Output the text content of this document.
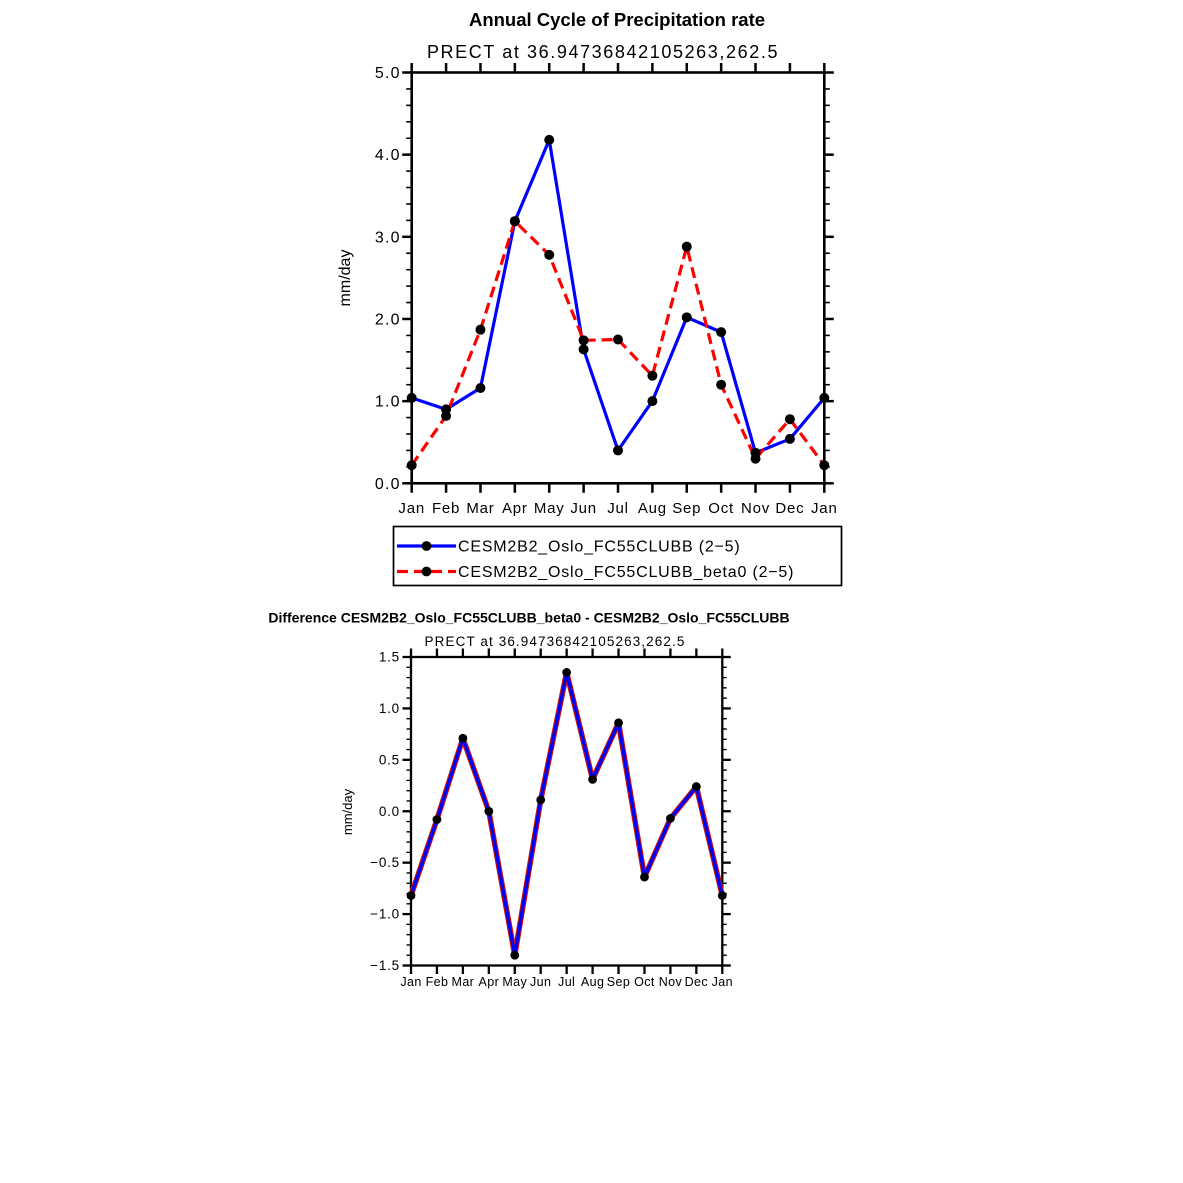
Annual Cycle of Precipitation rate
PRECT at 36.94736842105263,262.5
mm/day
0.0
1.0
2.0
3.0
4.0
5.0
Jan Feb Mar Apr May Jun Jul Aug Sep Oct Nov Dec Jan
CESM2B2_Oslo_FC55CLUBB (2−5)
CESM2B2_Oslo_FC55CLUBB_beta0 (2−5)
Difference CESM2B2_Oslo_FC55CLUBB_beta0 - CESM2B2_Oslo_FC55CLUBB
PRECT at 36.94736842105263,262.5
mm/day
−1.5
−1.0
−0.5
0.0
0.5
1.0
1.5
Jan Feb Mar Apr May Jun Jul Aug Sep Oct Nov Dec Jan
